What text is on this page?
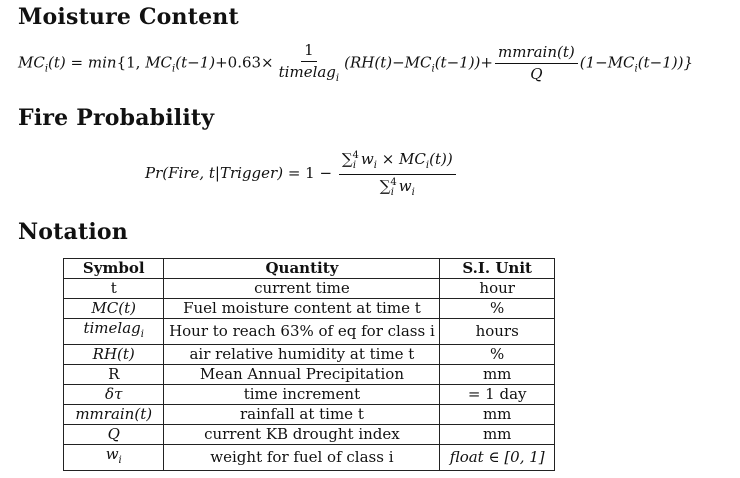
Moisture Content
$MC_i(t) = \min\{1$, $MC_i(t-1)+0.63\times \frac{1}{timelag_i} (RH(t)-MC_i(t-1))+ \frac{\text{mmrain(t)}}{Q} (1-MC_i(t-1))$}
Fire Probability
Pr(Fire, t|Trigger) = $1 - \frac{\sum^4_i w_i \times MC_i(t))}{\sum^4_i w_i}$
Notation
Symbol	Quantity	S.I. Unit
t	current time	hour
MC(t)	Fuel moisture content at time t	%
timelag$_i$	Hour to reach 63% of eq for class i	hours
RH(t)	air relative humidity at time t	%
R	Mean Annual Precipitation	mm
δτ	time increment	= 1 day
mmrain(t)	rainfall at time t	mm
Q	current KB drought index	mm
$w_i$	weight for fuel of class i	float ∈ [0, 1]
